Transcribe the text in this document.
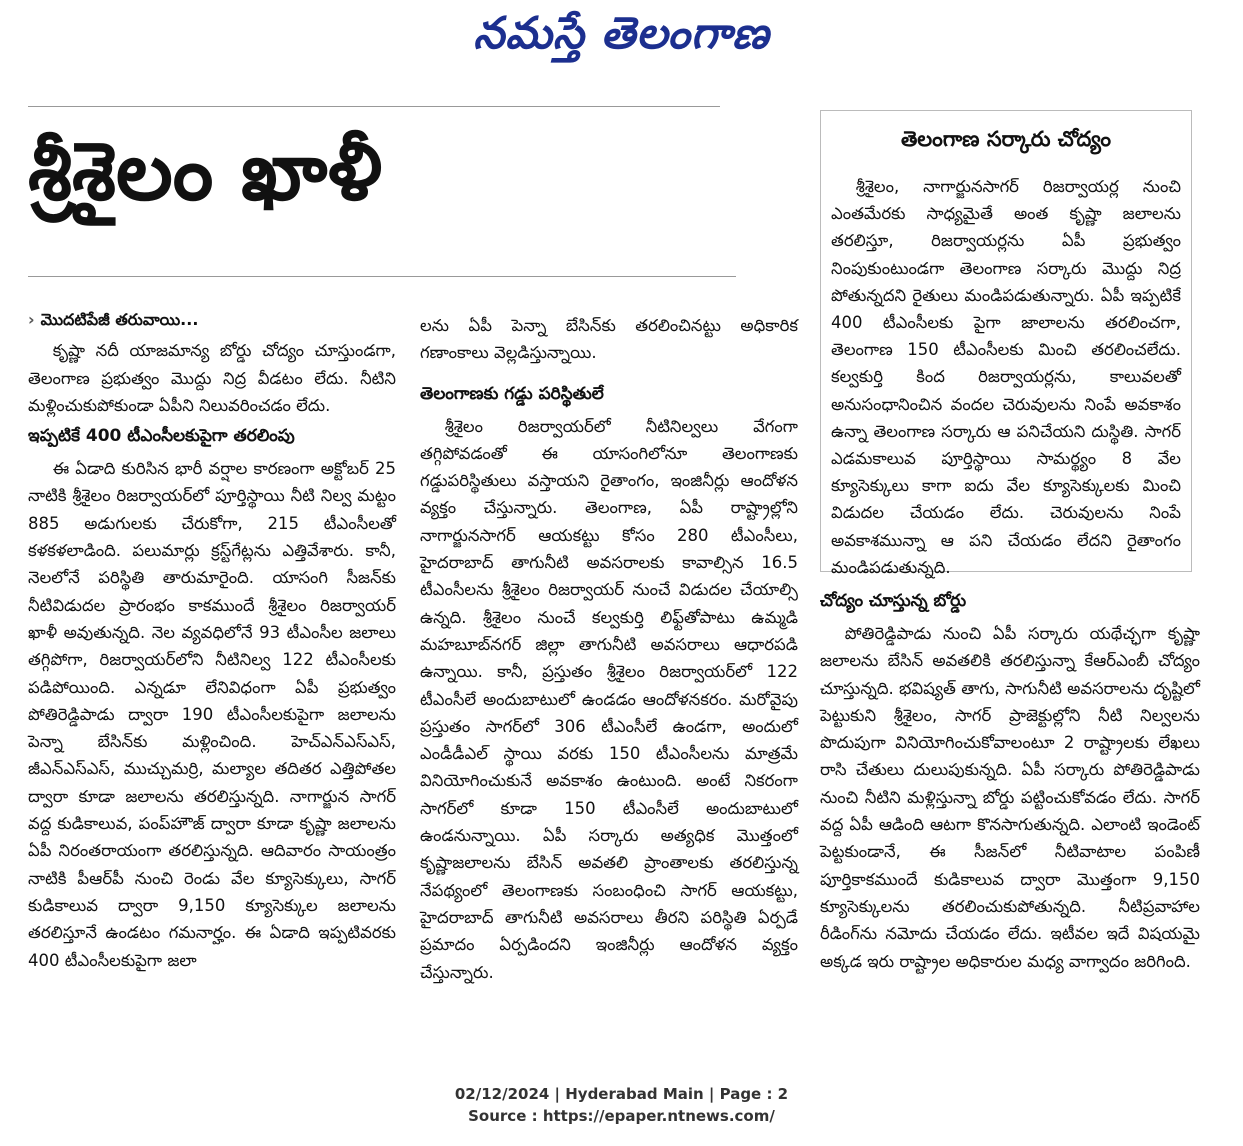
నమస్తే తెలంగాణ
శ్రీశైలం ఖాళీ
› మొదటిపేజీ తరువాయి...

కృష్ణా నదీ యాజమాన్య బోర్డు చోద్యం చూస్తుండగా, తెలంగాణ ప్రభుత్వం మొద్దు నిద్ర వీడటం లేదు. నీటిని మళ్లించుకుపోకుండా ఏపీని నిలువరించడం లేదు.

ఇప్పటికే 400 టీఎంసీలకుపైగా తరలింపు

ఈ ఏడాది కురిసిన భారీ వర్షాల కారణంగా అక్టోబర్ 25 నాటికి శ్రీశైలం రిజర్వాయర్‌లో పూర్తిస్థాయి నీటి నిల్వ మట్టం 885 అడుగులకు చేరుకోగా, 215 టీఎంసీలతో కళకళలాడింది. పలుమార్లు క్రస్ట్‌గేట్లను ఎత్తివేశారు. కానీ, నెలలోనే పరిస్థితి తారుమారైంది. యాసంగి సీజన్‌కు నీటివిడుదల ప్రారంభం కాకముందే శ్రీశైలం రిజర్వాయర్ ఖాళీ అవుతున్నది. నెల వ్యవధిలోనే 93 టీఎంసీల జలాలు తగ్గిపోగా, రిజర్వాయర్‌లోని నీటినిల్వ 122 టీఎంసీలకు పడిపోయింది. ఎన్నడూ లేనివిధంగా ఏపీ ప్రభుత్వం పోతిరెడ్డిపాడు ద్వారా 190 టీఎంసీలకుపైగా జలాలను పెన్నా బేసిన్‌కు మళ్లించింది. హెచ్‌ఎన్‌ఎస్‌ఎస్, జీఎన్‌ఎస్‌ఎస్, ముచ్చుమర్రి, మల్యాల తదితర ఎత్తిపోతల ద్వారా కూడా జలాలను తరలిస్తున్నది. నాగార్జున సాగర్ వద్ద కుడికాలువ, పంప్‌హౌజ్ ద్వారా కూడా కృష్ణా జలాలను ఏపీ నిరంతరాయంగా తరలిస్తున్నది. ఆదివారం సాయంత్రం నాటికి పీఆర్‌పీ నుంచి రెండు వేల క్యూసెక్కులు, సాగర్ కుడికాలువ ద్వారా 9,150 క్యూసెక్కుల జలాలను తరలిస్తూనే ఉండటం గమనార్హం. ఈ ఏడాది ఇప్పటివరకు 400 టీఎంసీలకుపైగా జలా

లను ఏపీ పెన్నా బేసిన్‌కు తరలించినట్టు అధికారిక గణాంకాలు వెల్లడిస్తున్నాయి.

తెలంగాణకు గడ్డు పరిస్థితులే

శ్రీశైలం రిజర్వాయర్‌లో నీటినిల్వలు వేగంగా తగ్గిపోవడంతో ఈ యాసంగిలోనూ తెలంగాణకు గడ్డుపరిస్థితులు వస్తాయని రైతాంగం, ఇంజినీర్లు ఆందోళన వ్యక్తం చేస్తున్నారు. తెలంగాణ, ఏపీ రాష్ట్రాల్లోని నాగార్జునసాగర్ ఆయకట్టు కోసం 280 టీఎంసీలు, హైదరాబాద్ తాగునీటి అవసరాలకు కావాల్సిన 16.5 టీఎంసీలను శ్రీశైలం రిజర్వాయర్ నుంచే విడుదల చేయాల్సి ఉన్నది. శ్రీశైలం నుంచే కల్వకుర్తి లిఫ్ట్‌తోపాటు ఉమ్మడి మహబూబ్‌నగర్ జిల్లా తాగునీటి అవసరాలు ఆధారపడి ఉన్నాయి. కానీ, ప్రస్తుతం శ్రీశైలం రిజర్వాయర్‌లో 122 టీఎంసీలే అందుబాటులో ఉండడం ఆందోళనకరం. మరోవైపు ప్రస్తుతం సాగర్‌లో 306 టీఎంసీలే ఉండగా, అందులో ఎండీడీఎల్ స్థాయి వరకు 150 టీఎంసీలను మాత్రమే వినియోగించుకునే అవకాశం ఉంటుంది. అంటే నికరంగా సాగర్‌లో కూడా 150 టీఎంసీలే అందుబాటులో ఉండనున్నాయి. ఏపీ సర్కారు అత్యధిక మొత్తంలో కృష్ణాజలాలను బేసిన్ అవతలి ప్రాంతాలకు తరలిస్తున్న నేపథ్యంలో తెలంగాణకు సంబంధించి సాగర్ ఆయకట్టు, హైదరాబాద్ తాగునీటి అవసరాలు తీరని పరిస్థితి ఏర్పడే ప్రమాదం ఏర్పడిందని ఇంజినీర్లు ఆందోళన వ్యక్తం చేస్తున్నారు.

తెలంగాణ సర్కారు చోద్యం

శ్రీశైలం, నాగార్జునసాగర్ రిజర్వాయర్ల నుంచి ఎంతమేరకు సాధ్యమైతే అంత కృష్ణా జలాలను తరలిస్తూ, రిజర్వాయర్లను ఏపీ ప్రభుత్వం నింపుకుంటుండగా తెలంగాణ సర్కారు మొద్దు నిద్ర పోతున్నదని రైతులు మండిపడుతున్నారు. ఏపీ ఇప్పటికే 400 టీఎంసీలకు పైగా జాలాలను తరలించగా, తెలంగాణ 150 టీఎంసీలకు మించి తరలించలేదు. కల్వకుర్తి కింద రిజర్వాయర్లను, కాలువలతో అనుసంధానించిన వందల చెరువులను నింపే అవకాశం ఉన్నా తెలంగాణ సర్కారు ఆ పనిచేయని దుస్థితి. సాగర్ ఎడమకాలువ పూర్తిస్థాయి సామర్థ్యం 8 వేల క్యూసెక్కులు కాగా ఐదు వేల క్యూసెక్కులకు మించి విడుదల చేయడం లేదు. చెరువులను నింపే అవకాశమున్నా ఆ పని చేయడం లేదని రైతాంగం మండిపడుతున్నది.

చోద్యం చూస్తున్న బోర్డు

పోతిరెడ్డిపాడు నుంచి ఏపీ సర్కారు యథేచ్ఛగా కృష్ణా జలాలను బేసిన్ అవతలికి తరలిస్తున్నా కేఆర్‌ఎంబీ చోద్యం చూస్తున్నది. భవిష్యత్ తాగు, సాగునీటి అవసరాలను దృష్టిలో పెట్టుకుని శ్రీశైలం, సాగర్ ప్రాజెక్టుల్లోని నీటి నిల్వలను పొదుపుగా వినియోగించుకోవాలంటూ 2 రాష్ట్రాలకు లేఖలు రాసి చేతులు దులుపుకున్నది. ఏపీ సర్కారు పోతిరెడ్డిపాడు నుంచి నీటిని మళ్లిస్తున్నా బోర్డు పట్టించుకోవడం లేదు. సాగర్ వద్ద ఏపీ ఆడింది ఆటగా కొనసాగుతున్నది. ఎలాంటి ఇండెంట్ పెట్టకుండానే, ఈ సీజన్‌లో నీటివాటాల పంపిణీ పూర్తికాకముందే కుడికాలువ ద్వారా మొత్తంగా 9,150 క్యూసెక్కులను తరలించుకుపోతున్నది. నీటిప్రవాహాల రీడింగ్‌ను నమోదు చేయడం లేదు. ఇటీవల ఇదే విషయమై అక్కడ ఇరు రాష్ట్రాల అధికారుల మధ్య వాగ్వాదం జరిగింది.

02/12/2024 | Hyderabad Main | Page : 2
Source : https://epaper.ntnews.com/
